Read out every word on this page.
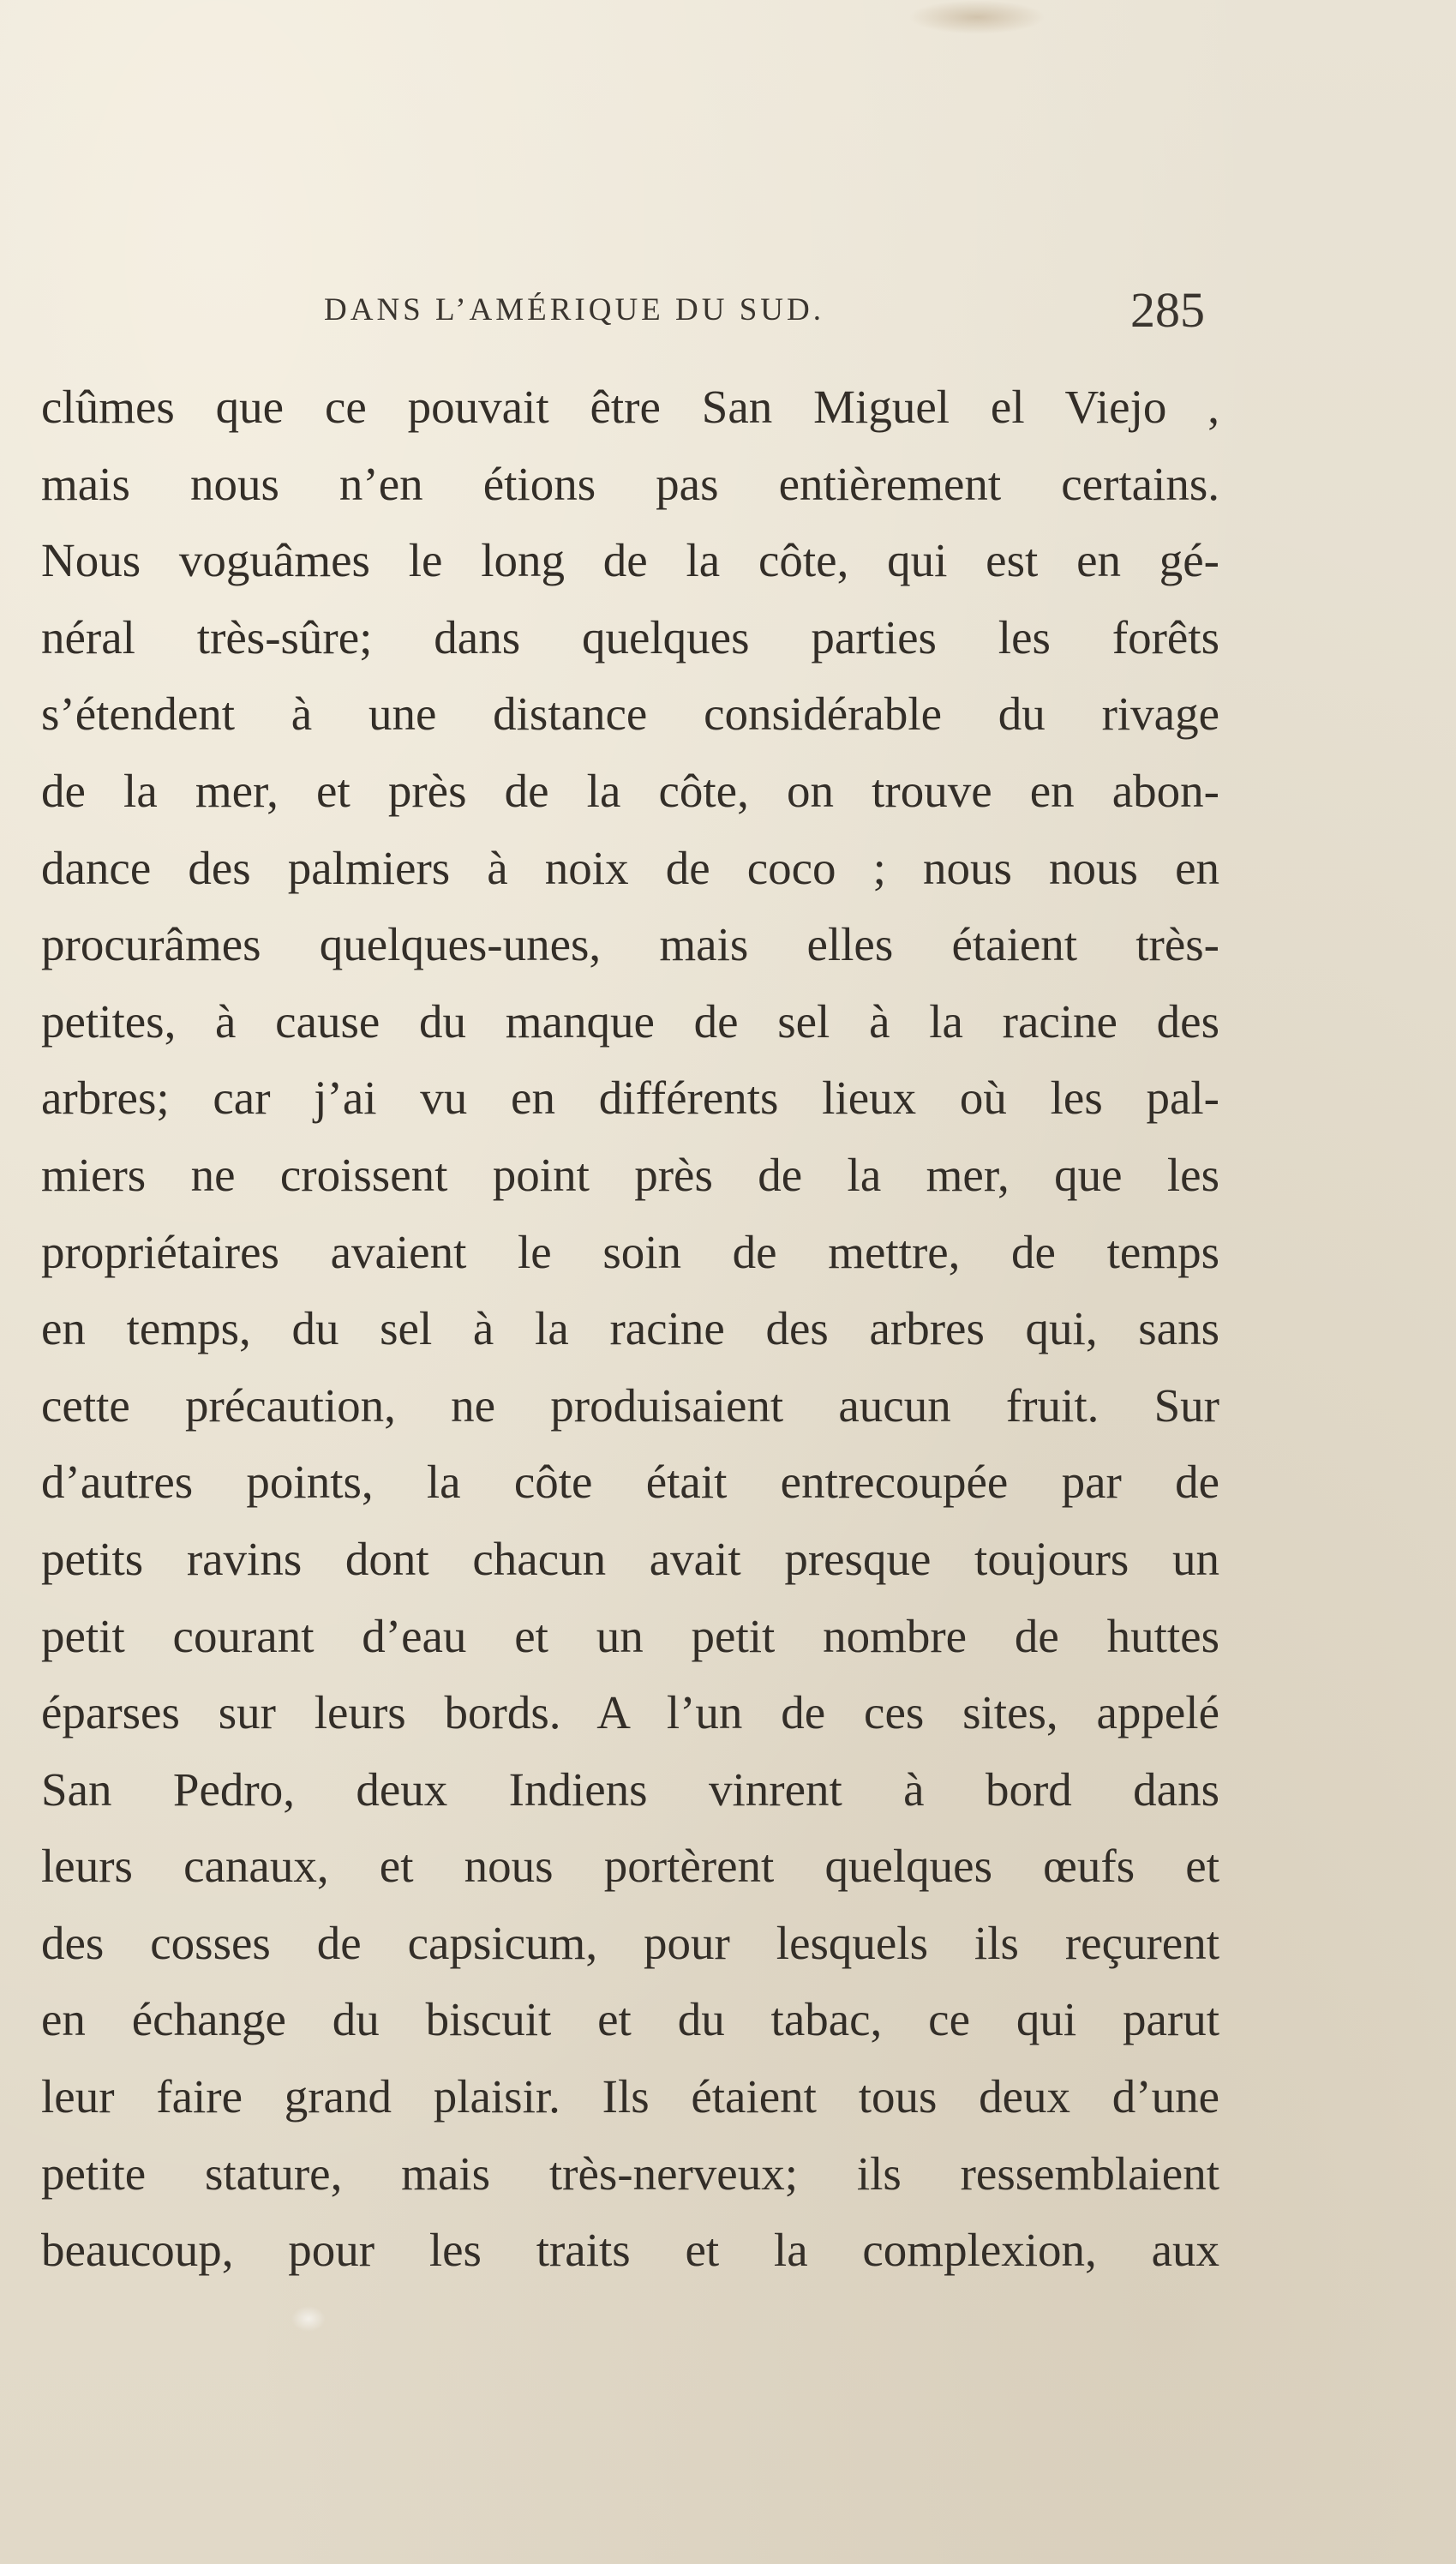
DANS L’AMÉRIQUE DU SUD.	285
clûmes que ce pouvait être San Miguel el Viejo ,
mais nous n’en étions pas entièrement certains.
Nous voguâmes le long de la côte, qui est en gé-
néral très-sûre; dans quelques parties les forêts
s’étendent à une distance considérable du rivage
de la mer, et près de la côte, on trouve en abon-
dance des palmiers à noix de coco ; nous nous en
procurâmes quelques-unes, mais elles étaient très-
petites, à cause du manque de sel à la racine des
arbres; car j’ai vu en différents lieux où les pal-
miers ne croissent point près de la mer, que les
propriétaires avaient le soin de mettre, de temps
en temps, du sel à la racine des arbres qui, sans
cette précaution, ne produisaient aucun fruit. Sur
d’autres points, la côte était entrecoupée par de
petits ravins dont chacun avait presque toujours un
petit courant d’eau et un petit nombre de huttes
éparses sur leurs bords. A l’un de ces sites, appelé
San Pedro, deux Indiens vinrent à bord dans
leurs canaux, et nous portèrent quelques œufs et
des cosses de capsicum, pour lesquels ils reçurent
en échange du biscuit et du tabac, ce qui parut
leur faire grand plaisir. Ils étaient tous deux d’une
petite stature, mais très-nerveux; ils ressemblaient
beaucoup, pour les traits et la complexion, aux
